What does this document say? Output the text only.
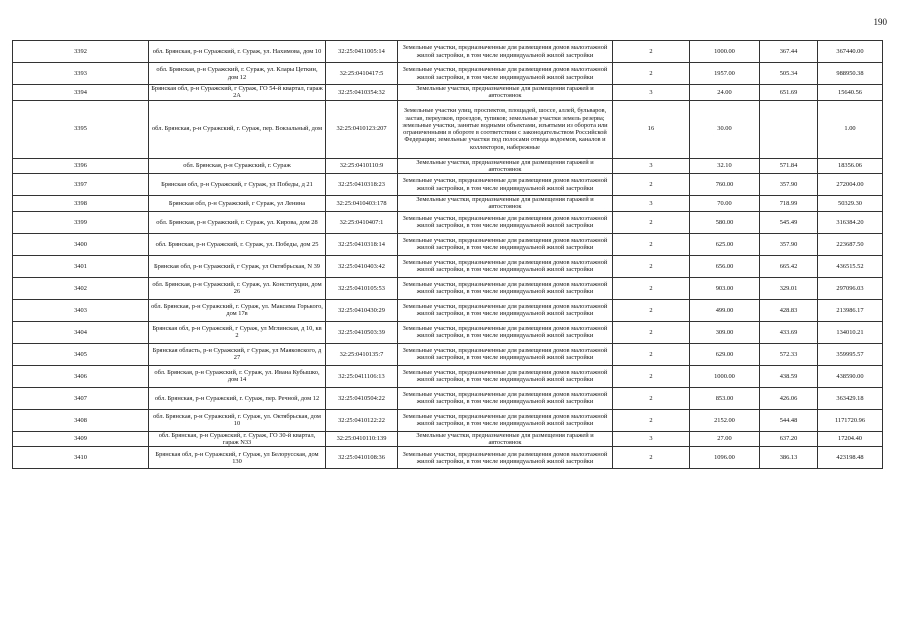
190
3392	обл. Брянская, р-н Суражский, г. Сураж, ул. Нахимова, дом 10	32:25:0411005:14	Земельные участки, предназначенные для размещения домов малоэтажной жилой застройки, в том числе индивидуальной жилой застройки	2	1000.00	367.44	367440.00
3393	обл. Брянская, р-н Суражский, г. Сураж, ул. Клары Цеткин, дом 12	32:25:0410417:5	Земельные участки, предназначенные для размещения домов малоэтажной жилой застройки, в том числе индивидуальной жилой застройки	2	1957.00	505.34	988950.38
3394	Брянская обл, р-н Суражский, г Сураж, ГО 54-й квартал, гараж 2А	32:25:0410354:32	Земельные участки, предназначенные для размещения гаражей и автостоянок	3	24.00	651.69	15640.56
3395	обл. Брянская, р-н Суражский, г. Сураж, пер. Вокзальный, дом	32:25:0410123:207	Земельные участки улиц, проспектов, площадей, шоссе, аллей, бульваров, застав, переулков, проездов, тупиков; земельные участки земель резерва; земельные участки, занятые водными объектами, изъятыми из оборота или ограниченными в обороте в соответствии с законодательством Российской Федерации; земельные участки под полосами отвода водоемов, каналов и коллекторов, набережные	16	30.00		1.00
3396	обл. Брянская, р-н Суражский, г. Сураж	32:25:0410110:9	Земельные участки, предназначенные для размещения гаражей и автостоянок	3	32.10	571.84	18356.06
3397	Брянская обл, р-н Суражский, г Сураж, ул Победы, д 21	32:25:0410318:23	Земельные участки, предназначенные для размещения домов малоэтажной жилой застройки, в том числе индивидуальной жилой застройки	2	760.00	357.90	272004.00
3398	Брянская обл, р-н Суражский, г Сураж, ул Ленина	32:25:0410403:178	Земельные участки, предназначенные для размещения гаражей и автостоянок	3	70.00	718.99	50329.30
3399	обл. Брянская, р-н Суражский, г. Сураж, ул. Кирова, дом 28	32:25:0410407:1	Земельные участки, предназначенные для размещения домов малоэтажной жилой застройки, в том числе индивидуальной жилой застройки	2	580.00	545.49	316384.20
3400	обл. Брянская, р-н Суражский, г. Сураж, ул. Победы, дом 25	32:25:0410318:14	Земельные участки, предназначенные для размещения домов малоэтажной жилой застройки, в том числе индивидуальной жилой застройки	2	625.00	357.90	223687.50
3401	Брянская обл, р-н Суражский, г Сураж, ул Октябрьская, N 39	32:25:0410403:42	Земельные участки, предназначенные для размещения домов малоэтажной жилой застройки, в том числе индивидуальной жилой застройки	2	656.00	665.42	436515.52
3402	обл. Брянская, р-н Суражский, г. Сураж, ул. Конституции, дом 26	32:25:0410105:53	Земельные участки, предназначенные для размещения домов малоэтажной жилой застройки, в том числе индивидуальной жилой застройки	2	903.00	329.01	297096.03
3403	обл. Брянская, р-н Суражский, г. Сураж, ул. Максима Горького, дом 17в	32:25:0410430:29	Земельные участки, предназначенные для размещения домов малоэтажной жилой застройки, в том числе индивидуальной жилой застройки	2	499.00	428.83	213986.17
3404	Брянская обл, р-н Суражский, г Сураж, ул Мглинская, д 10, кв 2	32:25:0410503:39	Земельные участки, предназначенные для размещения домов малоэтажной жилой застройки, в том числе индивидуальной жилой застройки	2	309.00	433.69	134010.21
3405	Брянская область, р-н Суражский, г Сураж, ул Маяковского, д 27	32:25:0410135:7	Земельные участки, предназначенные для размещения домов малоэтажной жилой застройки, в том числе индивидуальной жилой застройки	2	629.00	572.33	359995.57
3406	обл. Брянская, р-н Суражский, г. Сураж, ул. Ивана Кубышко, дом 14	32:25:0411106:13	Земельные участки, предназначенные для размещения домов малоэтажной жилой застройки, в том числе индивидуальной жилой застройки	2	1000.00	438.59	438590.00
3407	обл. Брянская, р-н Суражский, г. Сураж, пер. Речной, дом 12	32:25:0410504:22	Земельные участки, предназначенные для размещения домов малоэтажной жилой застройки, в том числе индивидуальной жилой застройки	2	853.00	426.06	363429.18
3408	обл. Брянская, р-н Суражский, г. Сураж, ул. Октябрьская, дом 10	32:25:0410122:22	Земельные участки, предназначенные для размещения домов малоэтажной жилой застройки, в том числе индивидуальной жилой застройки	2	2152.00	544.48	1171720.96
3409	обл. Брянская, р-н Суражский, г. Сураж, ГО 30-й квартал, гараж N33	32:25:0410110:139	Земельные участки, предназначенные для размещения гаражей и автостоянок	3	27.00	637.20	17204.40
3410	Брянская обл, р-н Суражский, г Сураж, ул Белорусская, дом 130	32:25:0410108:36	Земельные участки, предназначенные для размещения домов малоэтажной жилой застройки, в том числе индивидуальной жилой застройки	2	1096.00	386.13	423198.48
